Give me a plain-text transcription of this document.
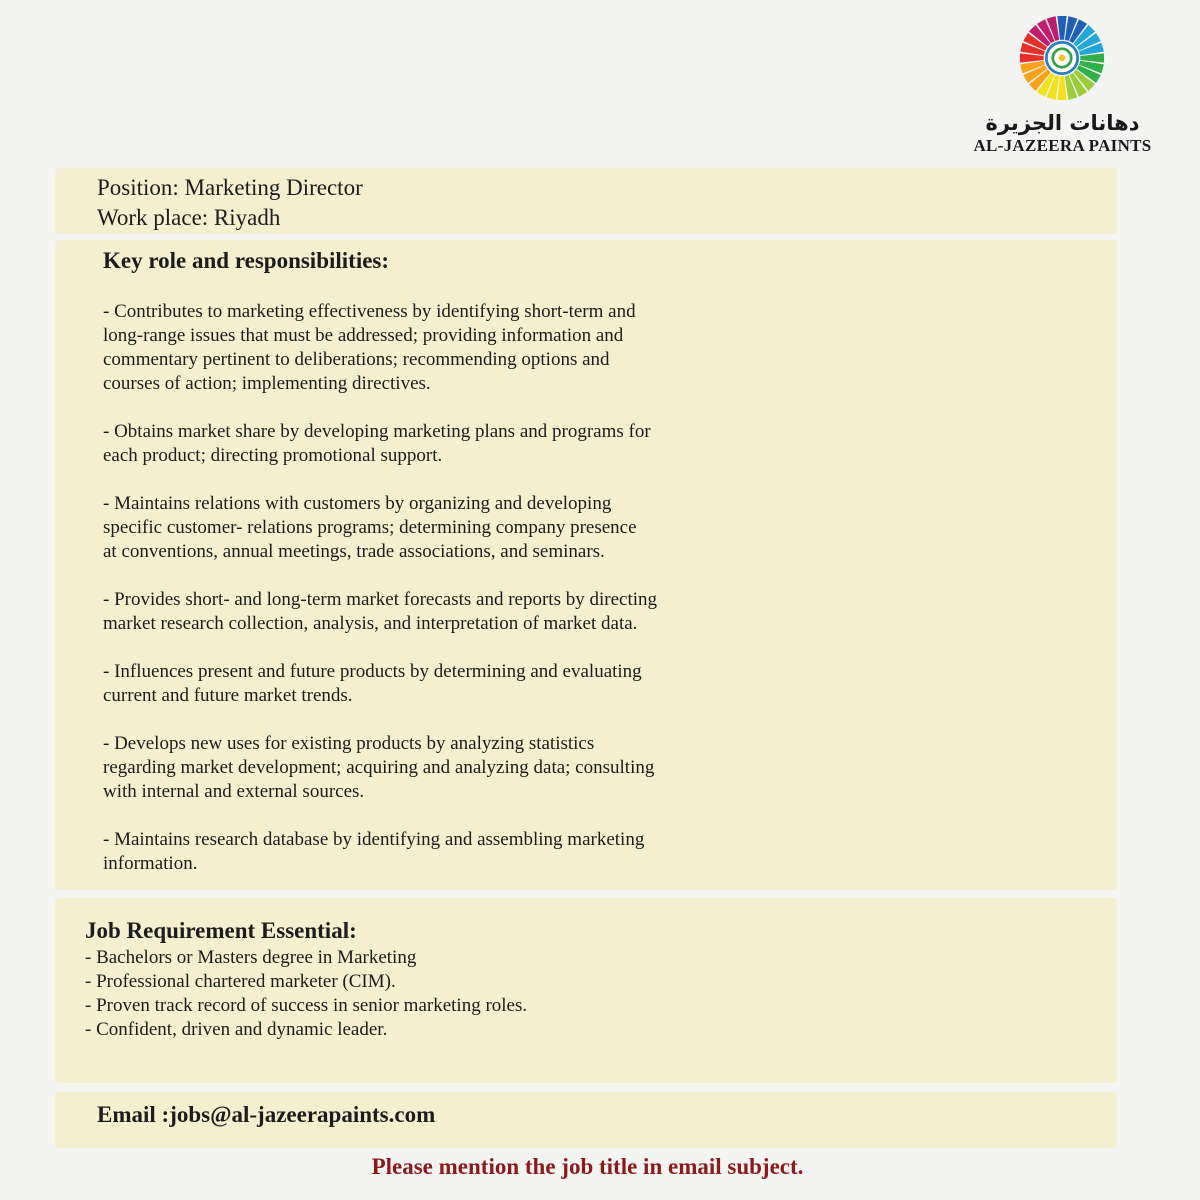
دهانات الجزيرة
AL-JAZEERA PAINTS
Position: Marketing Director
Work place: Riyadh
Key role and responsibilities:
- Contributes to marketing effectiveness by identifying short-term and
long-range issues that must be addressed; providing information and
commentary pertinent to deliberations; recommending options and
courses of action; implementing directives.
- Obtains market share by developing marketing plans and programs for
each product; directing promotional support.
- Maintains relations with customers by organizing and developing
specific customer- relations programs; determining company presence
at conventions, annual meetings, trade associations, and seminars.
- Provides short- and long-term market forecasts and reports by directing
market research collection, analysis, and interpretation of market data.
- Influences present and future products by determining and evaluating
current and future market trends.
- Develops new uses for existing products by analyzing statistics
regarding market development; acquiring and analyzing data; consulting
with internal and external sources.
- Maintains research database by identifying and assembling marketing
information.
Job Requirement Essential:
- Bachelors or Masters degree in Marketing
- Professional chartered marketer (CIM).
- Proven track record of success in senior marketing roles.
- Confident, driven and dynamic leader.
Email :jobs@al-jazeerapaints.com
Please mention the job title in email subject.
